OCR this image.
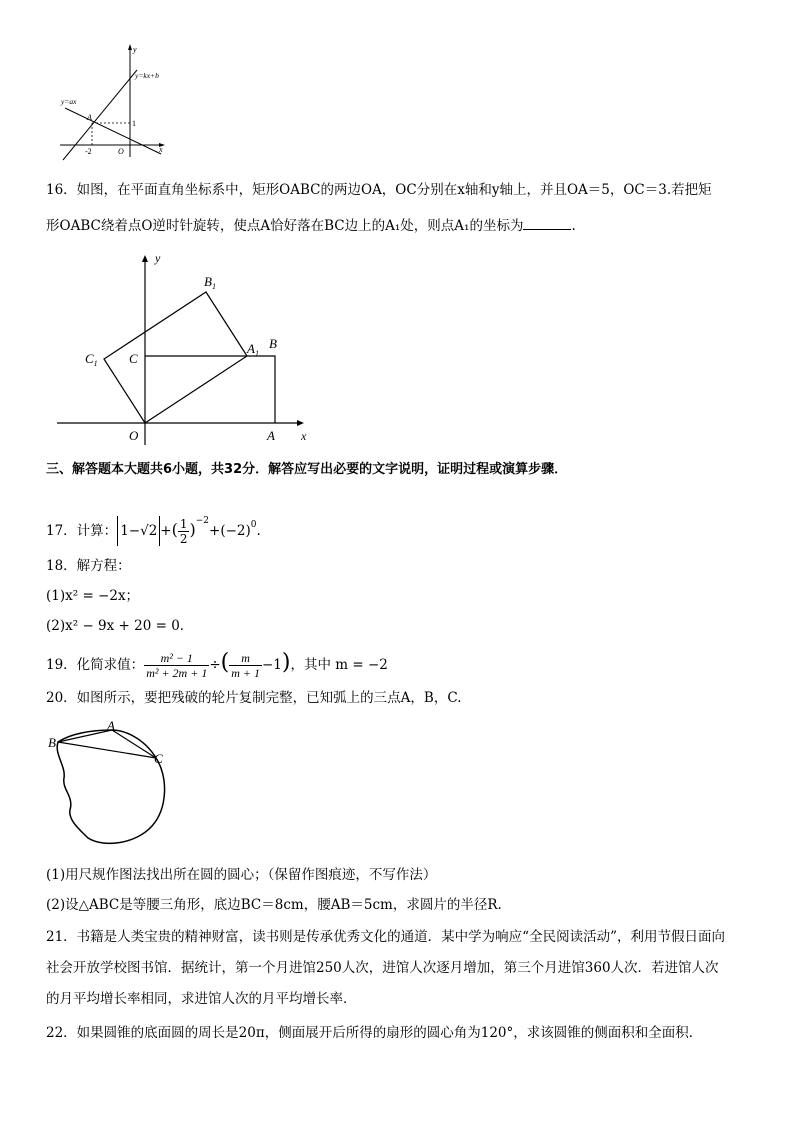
y
y=kx+b
y=ax
A
1
-2	O	x
16．如图，在平面直角坐标系中，矩形OABC的两边OA，OC分别在x轴和y轴上，并且OA＝5，OC＝3.若把矩
形OABC绕着点O逆时针旋转，使点A恰好落在BC边上的A₁处，则点A₁的坐标为	.
y
x
O	A
B
C
$A_1$
$B_1$
$C_1$
三、解答题本大题共6小题，共32分．解答应写出必要的文字说明，证明过程或演算步骤．
17．计算： 1−√2 +( $\frac{1}{2} )^{-2}+(-2)^0$.
18．解方程：
(1)x² = −2x；
(2)x² − 9x + 20 = 0．
19．化简求值： $\frac{\text{m² − 1}}{\text{m² + 2m + 1}}$ ÷( $\frac{m}{m + 1} -1$)，其中 m = −2
20．如图所示，要把残破的轮片复制完整，已知弧上的三点A，B，C.
A
B
C
(1)用尺规作图法找出所在圆的圆心；（保留作图痕迹，不写作法）
(2)设△ABC是等腰三角形，底边BC＝8cm，腰AB＝5cm，求圆片的半径R.
21．书籍是人类宝贵的精神财富，读书则是传承优秀文化的通道．某中学为响应“全民阅读活动”，利用节假日面向
社会开放学校图书馆．据统计，第一个月进馆250人次，进馆人次逐月增加，第三个月进馆360人次．若进馆人次
的月平均增长率相同，求进馆人次的月平均增长率．
22．如果圆锥的底面圆的周长是20π，侧面展开后所得的扇形的圆心角为120°，求该圆锥的侧面积和全面积．
